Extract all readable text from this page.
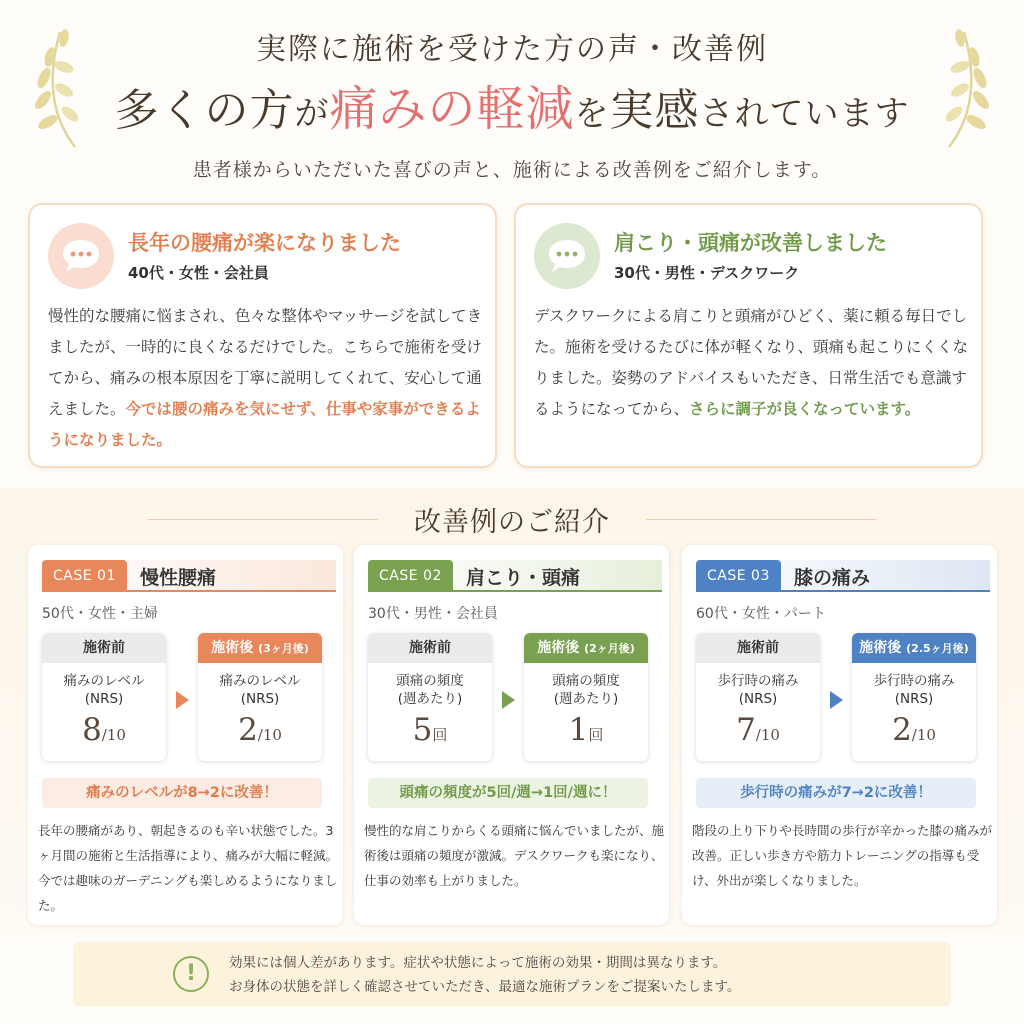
実際に施術を受けた方の声・改善例
多くの方が痛みの軽減を実感されています
患者様からいただいた喜びの声と、施術による改善例をご紹介します。
長年の腰痛が楽になりました
40代・女性・会社員
慢性的な腰痛に悩まされ、色々な整体やマッサージを試してきましたが、一時的に良くなるだけでした。こちらで施術を受けてから、痛みの根本原因を丁寧に説明してくれて、安心して通えました。今では腰の痛みを気にせず、仕事や家事ができるようになりました。
肩こり・頭痛が改善しました
30代・男性・デスクワーク
デスクワークによる肩こりと頭痛がひどく、薬に頼る毎日でした。施術を受けるたびに体が軽くなり、頭痛も起こりにくくなりました。姿勢のアドバイスもいただき、日常生活でも意識するようになってから、さらに調子が良くなっています。
改善例のご紹介
CASE 01	慢性腰痛
50代・女性・主婦
施術前
痛みのレベル
(NRS)
8/10
施術後 (3ヶ月後)
痛みのレベル
(NRS)
2/10
痛みのレベルが8→2に改善！
長年の腰痛があり、朝起きるのも辛い状態でした。3ヶ月間の施術と生活指導により、痛みが大幅に軽減。今では趣味のガーデニングも楽しめるようになりました。
CASE 02	肩こり・頭痛
30代・男性・会社員
施術前
頭痛の頻度
(週あたり)
5回
施術後 (2ヶ月後)
頭痛の頻度
(週あたり)
1回
頭痛の頻度が5回/週→1回/週に！
慢性的な肩こりからくる頭痛に悩んでいましたが、施術後は頭痛の頻度が激減。デスクワークも楽になり、仕事の効率も上がりました。
CASE 03	膝の痛み
60代・女性・パート
施術前
歩行時の痛み
(NRS)
7/10
施術後 (2.5ヶ月後)
歩行時の痛み
(NRS)
2/10
歩行時の痛みが7→2に改善！
階段の上り下りや長時間の歩行が辛かった膝の痛みが改善。正しい歩き方や筋力トレーニングの指導も受け、外出が楽しくなりました。
!	効果には個人差があります。症状や状態によって施術の効果・期間は異なります。
お身体の状態を詳しく確認させていただき、最適な施術プランをご提案いたします。
